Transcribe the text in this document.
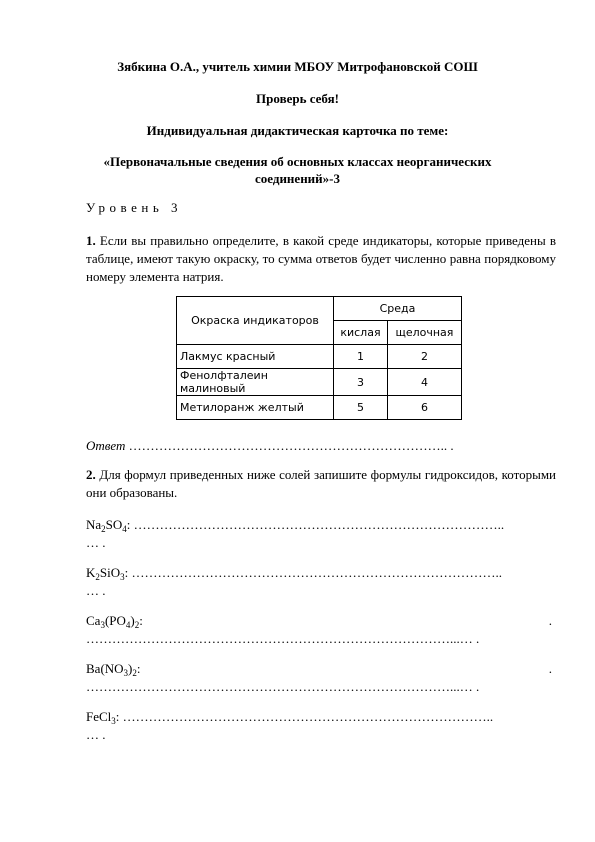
Зябкина О.А., учитель химии МБОУ Митрофановской СОШ
Проверь себя!
Индивидуальная дидактическая карточка по теме:
«Первоначальные сведения об основных классах неорганических
соединений»-3
Уровень 3
1. Если вы правильно определите, в какой среде индикаторы, которые приведены в таблице, имеют такую окраску, то сумма ответов будет численно равна порядковому номеру элемента натрия.
Окраска индикаторов	Среда	
	кислая	щелочная
Лакмус красный	1	2
Фенолфталеин малиновый	3	4
Метилоранж желтый	5	6
Ответ ……………………………………………………………….. .
2. Для формул приведенных ниже солей запишите формулы гидроксидов, которыми они образованы.
$Na_2SO_4$: …………………………………………………………………………..
… .
$K_2SiO_3$: …………………………………………………………………………..
… .
$Ca_3(PO_4)_2$:	.
…………………………………………………………………………...… .
$Ba(NO_3)_2$:	.
…………………………………………………………………………...… .
FeCl$_3$: …………………………………………………………………………..
… .
